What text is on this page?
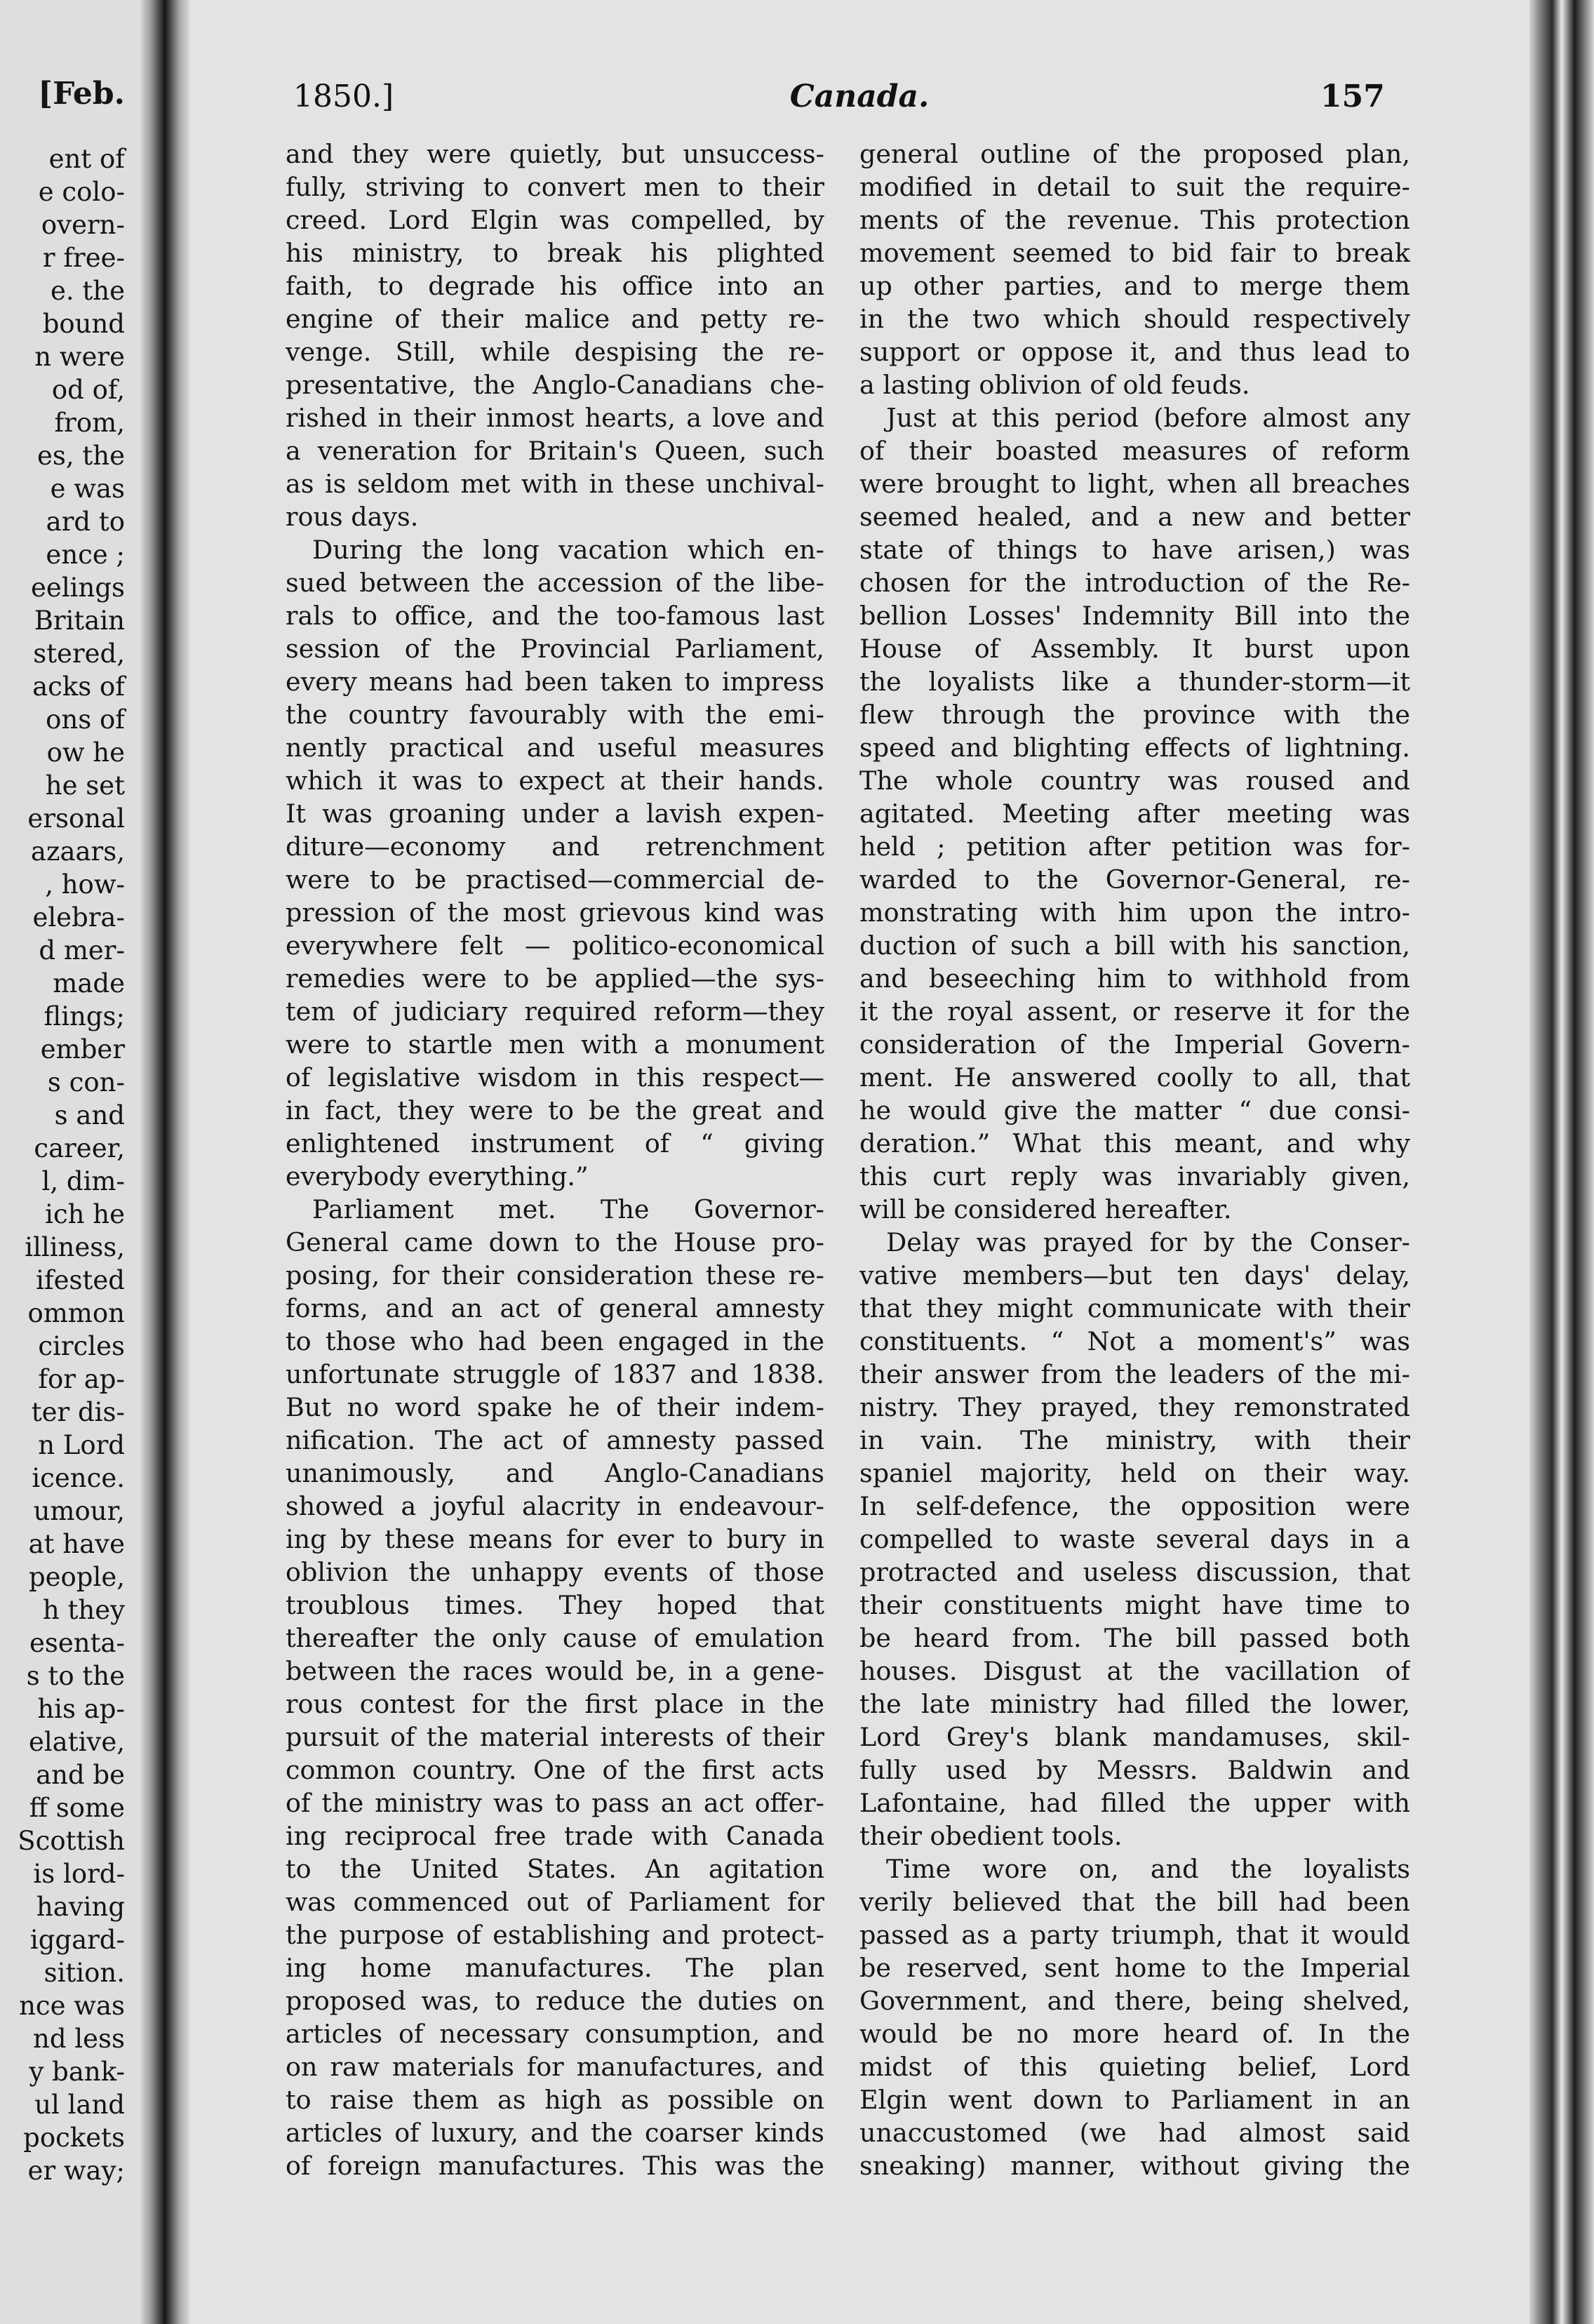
[Feb.
ent of
e colo-
overn-
r free-
e. the
bound
n were
od of,
from,
es, the
e was
ard to
ence ;
eelings
Britain
stered,
acks of
ons of
ow he
he set
ersonal
azaars,
, how-
elebra-
d mer-
made
flings;
ember
s con-
s and
career,
l, dim-
ich he
illiness,
ifested
ommon
circles
for ap-
ter dis-
n Lord
icence.
umour,
at have
people,
h they
esenta-
s to the
his ap-
elative,
and be
ff some
Scottish
is lord-
having
iggard-
sition.
nce was
nd less
y bank-
ul land
pockets
er way;
1850.]	Canada.	157
and they were quietly, but unsuccess-
fully, striving to convert men to their
creed. Lord Elgin was compelled, by
his ministry, to break his plighted
faith, to degrade his office into an
engine of their malice and petty re-
venge. Still, while despising the re-
presentative, the Anglo-Canadians che-
rished in their inmost hearts, a love and
a veneration for Britain's Queen, such
as is seldom met with in these unchival-
rous days.
During the long vacation which en-
sued between the accession of the libe-
rals to office, and the too-famous last
session of the Provincial Parliament,
every means had been taken to impress
the country favourably with the emi-
nently practical and useful measures
which it was to expect at their hands.
It was groaning under a lavish expen-
diture—economy and retrenchment
were to be practised—commercial de-
pression of the most grievous kind was
everywhere felt — politico-economical
remedies were to be applied—the sys-
tem of judiciary required reform—they
were to startle men with a monument
of legislative wisdom in this respect—
in fact, they were to be the great and
enlightened instrument of “ giving
everybody everything.”
Parliament met. The Governor-
General came down to the House pro-
posing, for their consideration these re-
forms, and an act of general amnesty
to those who had been engaged in the
unfortunate struggle of 1837 and 1838.
But no word spake he of their indem-
nification. The act of amnesty passed
unanimously, and Anglo-Canadians
showed a joyful alacrity in endeavour-
ing by these means for ever to bury in
oblivion the unhappy events of those
troublous times. They hoped that
thereafter the only cause of emulation
between the races would be, in a gene-
rous contest for the first place in the
pursuit of the material interests of their
common country. One of the first acts
of the ministry was to pass an act offer-
ing reciprocal free trade with Canada
to the United States. An agitation
was commenced out of Parliament for
the purpose of establishing and protect-
ing home manufactures. The plan
proposed was, to reduce the duties on
articles of necessary consumption, and
on raw materials for manufactures, and
to raise them as high as possible on
articles of luxury, and the coarser kinds
of foreign manufactures. This was the
general outline of the proposed plan,
modified in detail to suit the require-
ments of the revenue. This protection
movement seemed to bid fair to break
up other parties, and to merge them
in the two which should respectively
support or oppose it, and thus lead to
a lasting oblivion of old feuds.
Just at this period (before almost any
of their boasted measures of reform
were brought to light, when all breaches
seemed healed, and a new and better
state of things to have arisen,) was
chosen for the introduction of the Re-
bellion Losses' Indemnity Bill into the
House of Assembly. It burst upon
the loyalists like a thunder-storm—it
flew through the province with the
speed and blighting effects of lightning.
The whole country was roused and
agitated. Meeting after meeting was
held ; petition after petition was for-
warded to the Governor-General, re-
monstrating with him upon the intro-
duction of such a bill with his sanction,
and beseeching him to withhold from
it the royal assent, or reserve it for the
consideration of the Imperial Govern-
ment. He answered coolly to all, that
he would give the matter “ due consi-
deration.” What this meant, and why
this curt reply was invariably given,
will be considered hereafter.
Delay was prayed for by the Conser-
vative members—but ten days' delay,
that they might communicate with their
constituents. “ Not a moment's” was
their answer from the leaders of the mi-
nistry. They prayed, they remonstrated
in vain. The ministry, with their
spaniel majority, held on their way.
In self-defence, the opposition were
compelled to waste several days in a
protracted and useless discussion, that
their constituents might have time to
be heard from. The bill passed both
houses. Disgust at the vacillation of
the late ministry had filled the lower,
Lord Grey's blank mandamuses, skil-
fully used by Messrs. Baldwin and
Lafontaine, had filled the upper with
their obedient tools.
Time wore on, and the loyalists
verily believed that the bill had been
passed as a party triumph, that it would
be reserved, sent home to the Imperial
Government, and there, being shelved,
would be no more heard of. In the
midst of this quieting belief, Lord
Elgin went down to Parliament in an
unaccustomed (we had almost said
sneaking) manner, without giving the
